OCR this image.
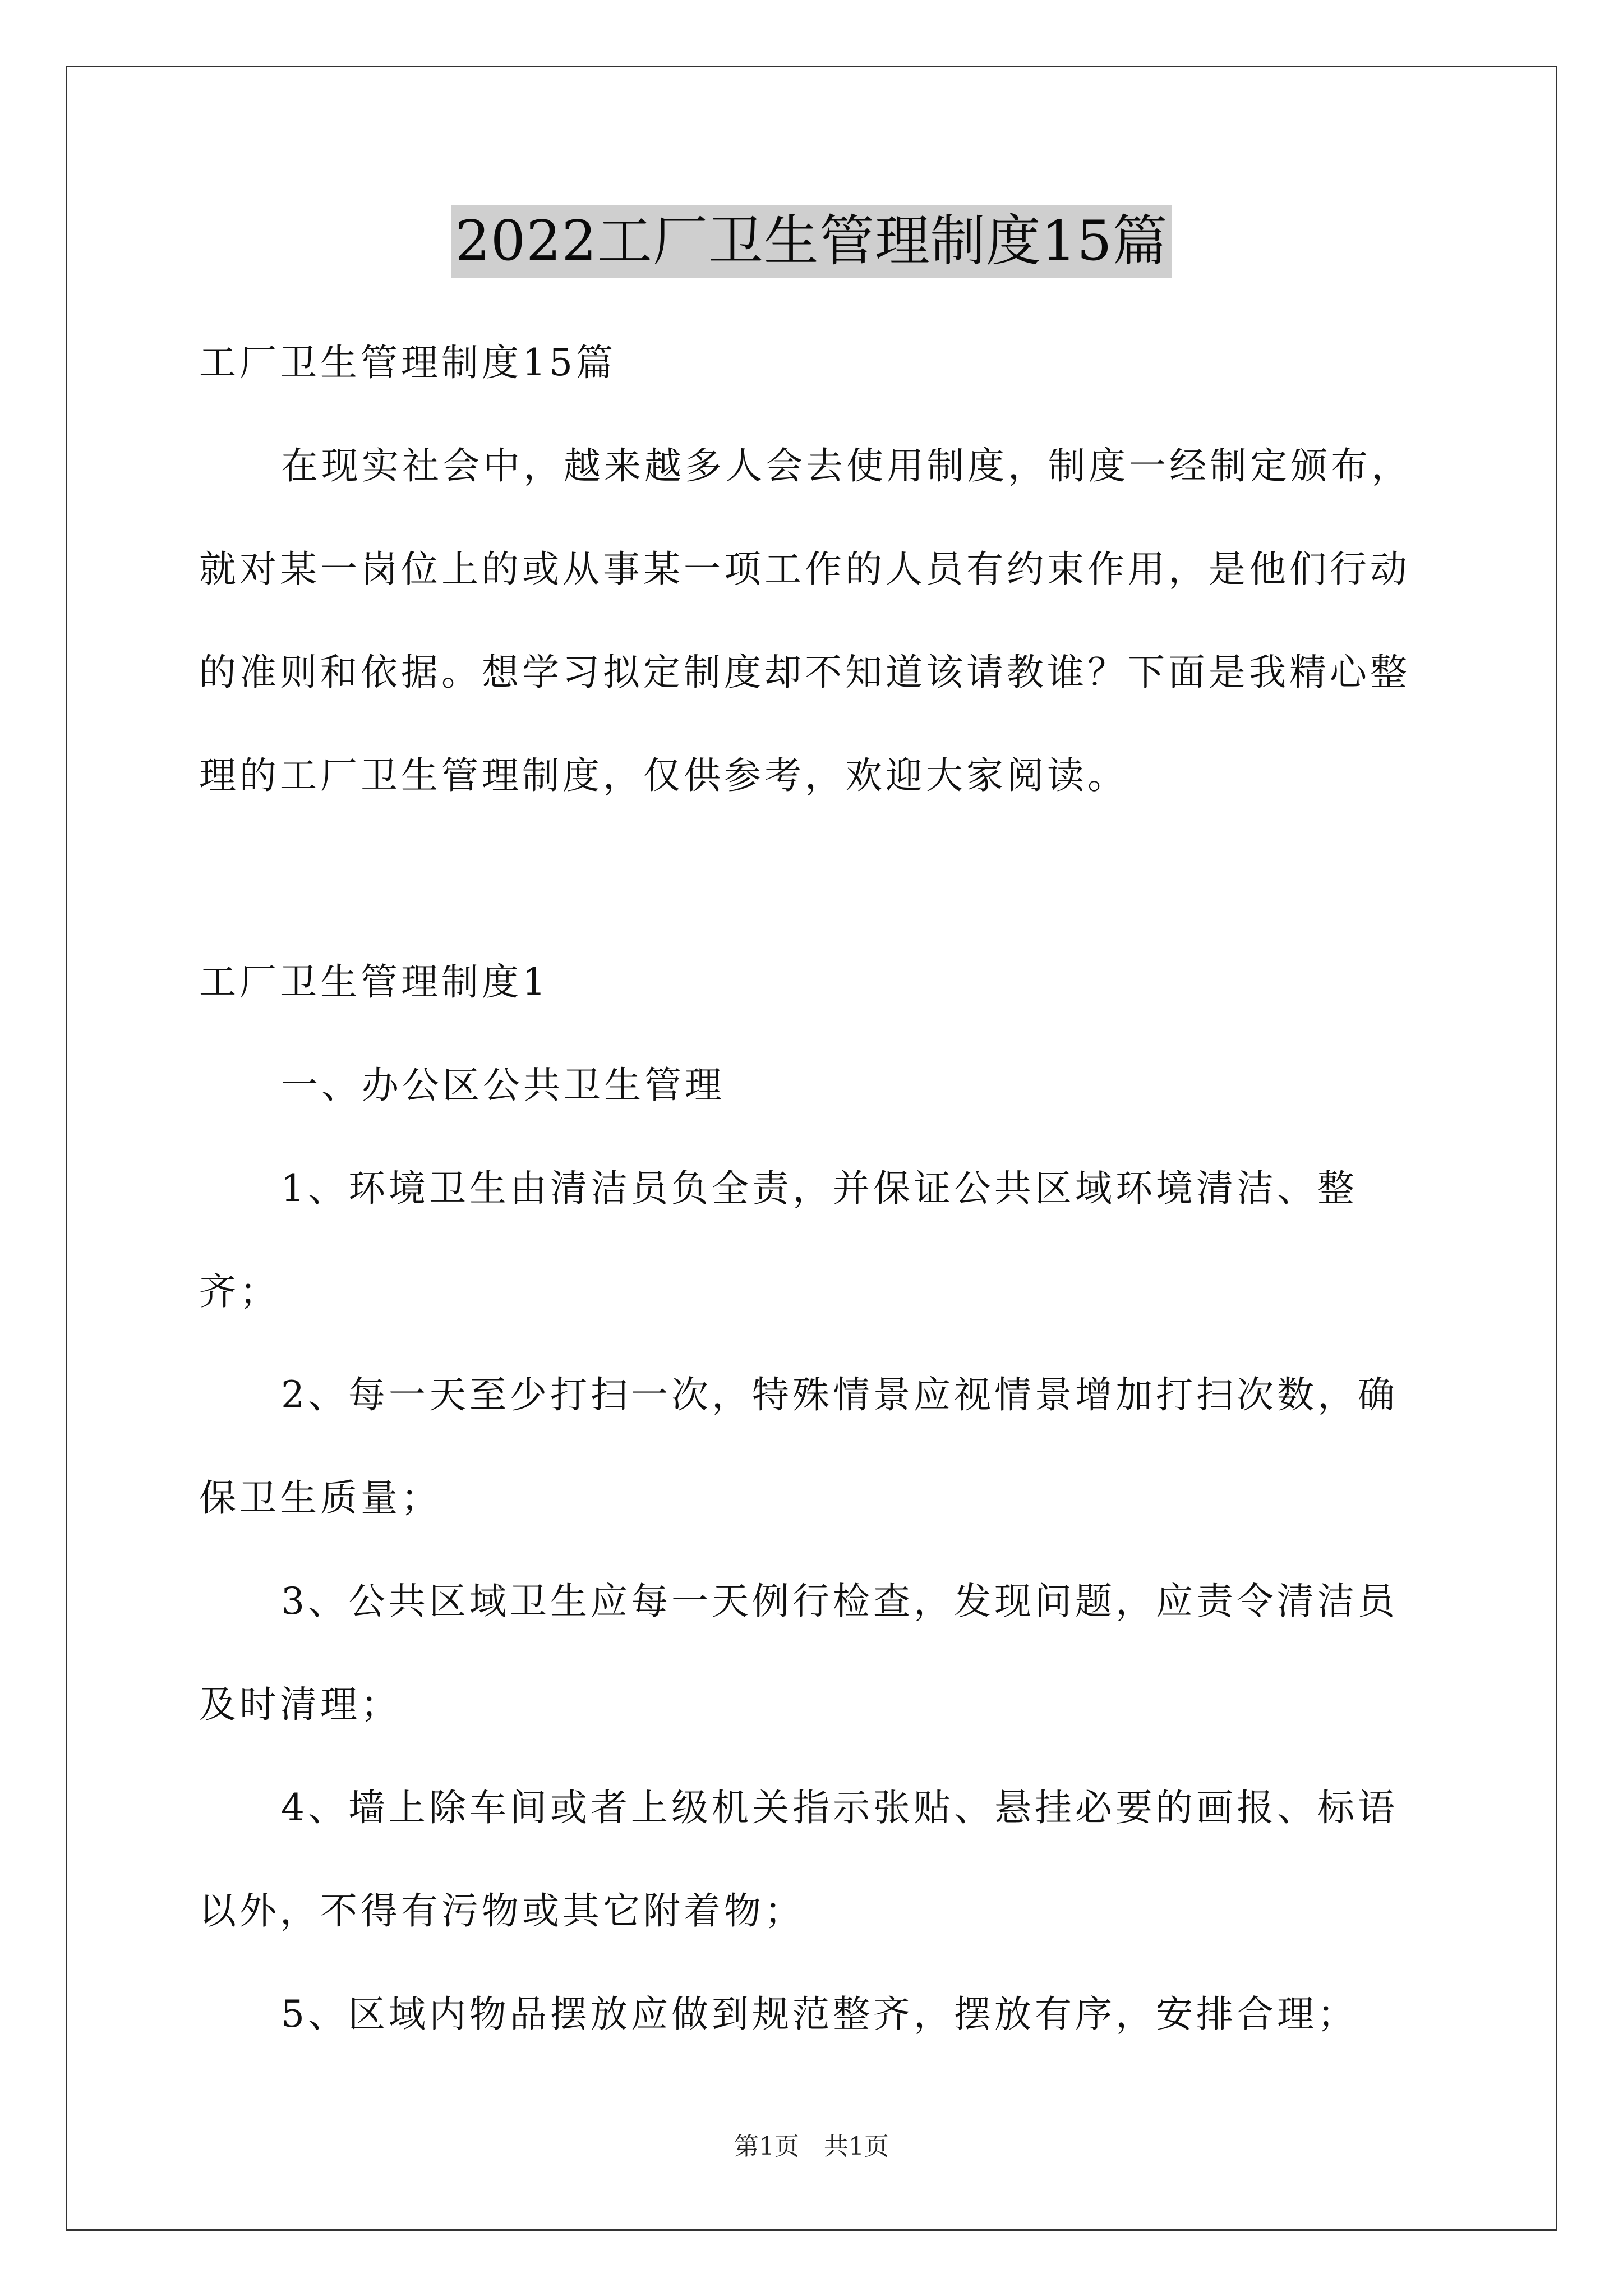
2022工厂卫生管理制度15篇

工厂卫生管理制度15篇

在现实社会中，越来越多人会去使用制度，制度一经制定颁布，就对某一岗位上的或从事某一项工作的人员有约束作用，是他们行动的准则和依据。想学习拟定制度却不知道该请教谁？下面是我精心整理的工厂卫生管理制度，仅供参考，欢迎大家阅读。

工厂卫生管理制度1

一、办公区公共卫生管理

1、环境卫生由清洁员负全责，并保证公共区域环境清洁、整齐；

2、每一天至少打扫一次，特殊情景应视情景增加打扫次数，确保卫生质量；

3、公共区域卫生应每一天例行检查，发现问题，应责令清洁员及时清理；

4、墙上除车间或者上级机关指示张贴、悬挂必要的画报、标语以外，不得有污物或其它附着物；

5、区域内物品摆放应做到规范整齐，摆放有序，安排合理；

第1页 共1页
